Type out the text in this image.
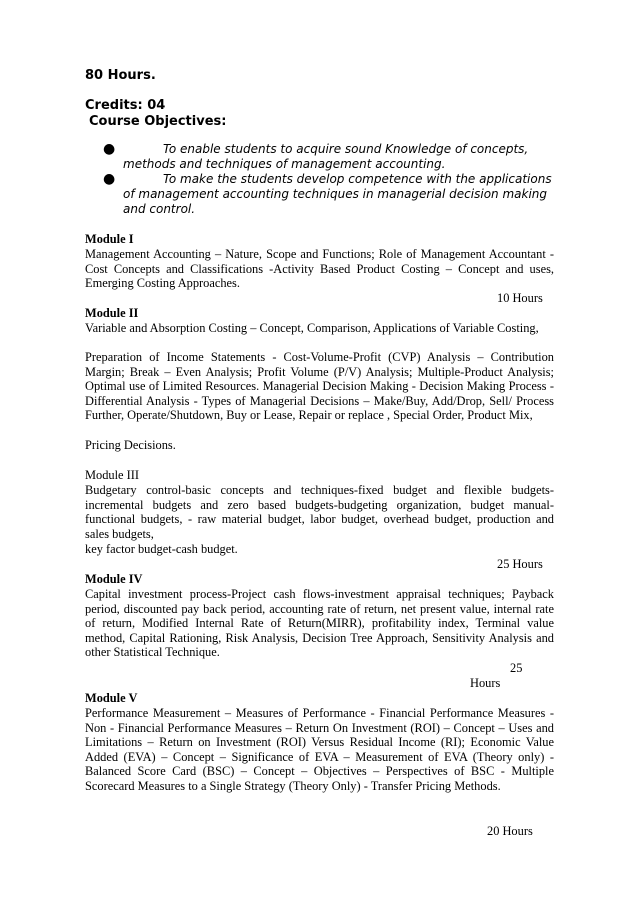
80 Hours.
Credits: 04
Course Objectives:
●	To enable students to acquire sound Knowledge of concepts, methods and techniques of management accounting.
●	To make the students develop competence with the applications of management accounting techniques in managerial decision making and control.
Module I

Management Accounting – Nature, Scope and Functions; Role of Management Accountant - Cost Concepts and Classifications -Activity Based Product Costing – Concept and uses, Emerging Costing Approaches.

10 Hours
Module II

Variable and Absorption Costing – Concept, Comparison, Applications of Variable Costing,

Preparation of Income Statements - Cost-Volume-Profit (CVP) Analysis – Contribution Margin; Break – Even Analysis; Profit Volume (P/V) Analysis; Multiple-Product Analysis; Optimal use of Limited Resources. Managerial Decision Making - Decision Making Process - Differential Analysis - Types of Managerial Decisions – Make/Buy, Add/Drop, Sell/ Process Further, Operate/Shutdown, Buy or Lease, Repair or replace , Special Order, Product Mix,

Pricing Decisions.

Module III

Budgetary control-basic concepts and techniques-fixed budget and flexible budgets-incremental budgets and zero based budgets-budgeting organization, budget manual-functional budgets, - raw material budget, labor budget, overhead budget, production and sales budgets,

key factor budget-cash budget.

25 Hours
Module IV

Capital investment process-Project cash flows-investment appraisal techniques; Payback period, discounted pay back period, accounting rate of return, net present value, internal rate of return, Modified Internal Rate of Return(MIRR), profitability index, Terminal value method, Capital Rationing, Risk Analysis, Decision Tree Approach, Sensitivity Analysis and other Statistical Technique.

25
Hours
Module V

Performance Measurement – Measures of Performance - Financial Performance Measures - Non - Financial Performance Measures – Return On Investment (ROI) – Concept – Uses and Limitations – Return on Investment (ROI) Versus Residual Income (RI); Economic Value Added (EVA) – Concept – Significance of EVA – Measurement of EVA (Theory only) - Balanced Score Card (BSC) – Concept – Objectives – Perspectives of BSC - Multiple Scorecard Measures to a Single Strategy (Theory Only) - Transfer Pricing Methods.

20 Hours
